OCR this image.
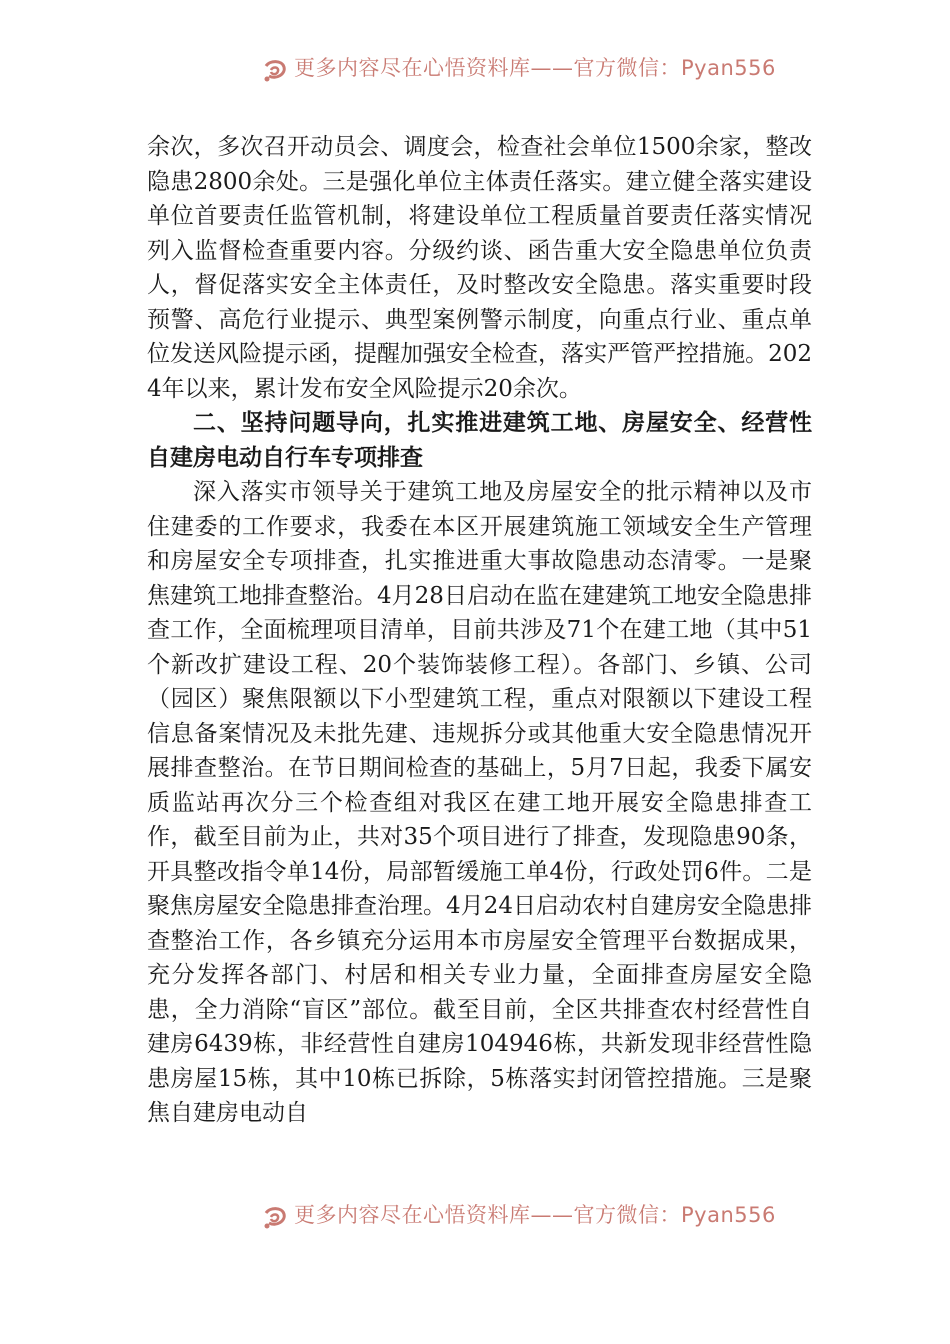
更多内容尽在心悟资料库——官方微信：Pyan556

余次，多次召开动员会、调度会，检查社会单位1500余家，整改隐患2800余处。三是强化单位主体责任落实。建立健全落实建设单位首要责任监管机制，将建设单位工程质量首要责任落实情况列入监督检查重要内容。分级约谈、函告重大安全隐患单位负责人，督促落实安全主体责任，及时整改安全隐患。落实重要时段预警、高危行业提示、典型案例警示制度，向重点行业、重点单位发送风险提示函，提醒加强安全检查，落实严管严控措施。2024年以来，累计发布安全风险提示20余次。

二、坚持问题导向，扎实推进建筑工地、房屋安全、经营性自建房电动自行车专项排查

深入落实市领导关于建筑工地及房屋安全的批示精神以及市住建委的工作要求，我委在本区开展建筑施工领域安全生产管理和房屋安全专项排查，扎实推进重大事故隐患动态清零。一是聚焦建筑工地排查整治。4月28日启动在监在建建筑工地安全隐患排查工作，全面梳理项目清单，目前共涉及71个在建工地（其中51个新改扩建设工程、20个装饰装修工程）。各部门、乡镇、公司（园区）聚焦限额以下小型建筑工程，重点对限额以下建设工程信息备案情况及未批先建、违规拆分或其他重大安全隐患情况开展排查整治。在节日期间检查的基础上，5月7日起，我委下属安质监站再次分三个检查组对我区在建工地开展安全隐患排查工作，截至目前为止，共对35个项目进行了排查，发现隐患90条，开具整改指令单14份，局部暂缓施工单4份，行政处罚6件。二是聚焦房屋安全隐患排查治理。4月24日启动农村自建房安全隐患排查整治工作，各乡镇充分运用本市房屋安全管理平台数据成果，充分发挥各部门、村居和相关专业力量，全面排查房屋安全隐患，全力消除“盲区”部位。截至目前，全区共排查农村经营性自建房6439栋，非经营性自建房104946栋，共新发现非经营性隐患房屋15栋，其中10栋已拆除，5栋落实封闭管控措施。三是聚焦自建房电动自

更多内容尽在心悟资料库——官方微信：Pyan556
